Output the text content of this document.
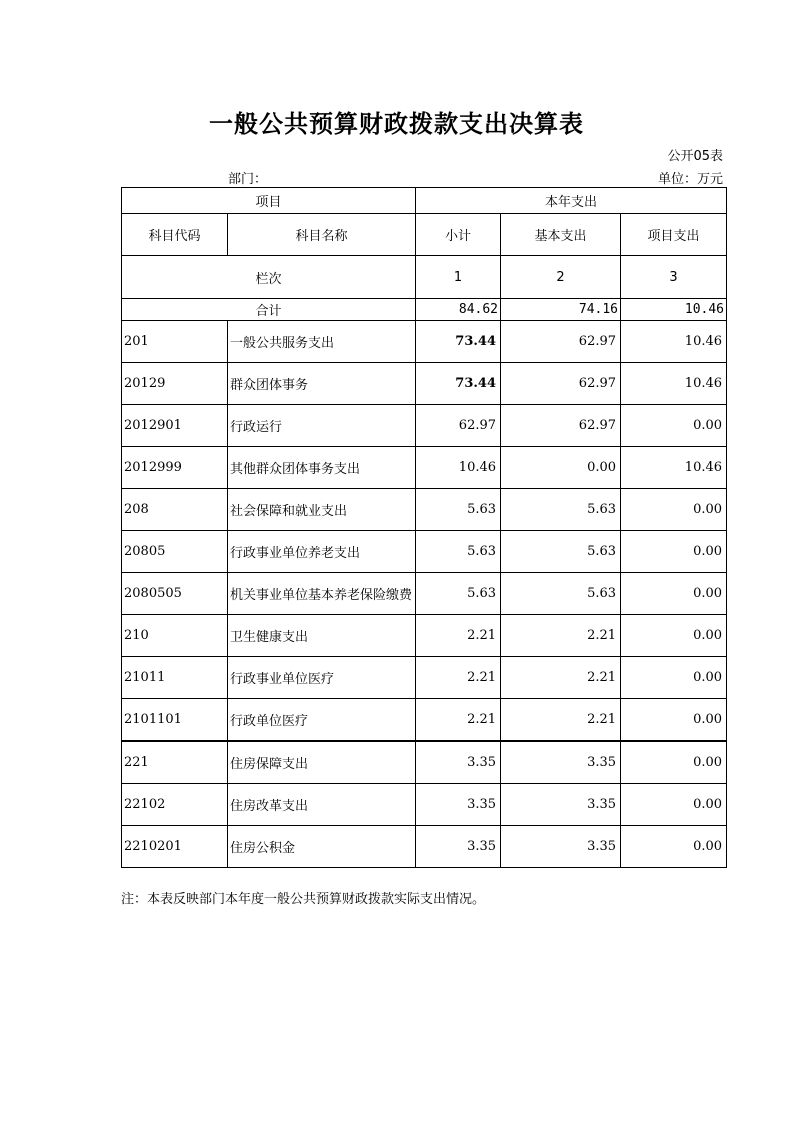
一般公共预算财政拨款支出决算表
公开05表
部门：	单位：万元
项目		本年支出		
科目代码	科目名称	小计	基本支出	项目支出
栏次		1	2	3
合计		84.62	74.16	10.46
201	一般公共服务支出	73.44	62.97	10.46
20129	群众团体事务	73.44	62.97	10.46
2012901	行政运行	62.97	62.97	0.00
2012999	其他群众团体事务支出	10.46	0.00	10.46
208	社会保障和就业支出	5.63	5.63	0.00
20805	行政事业单位养老支出	5.63	5.63	0.00
2080505	机关事业单位基本养老保险缴费	5.63	5.63	0.00
210	卫生健康支出	2.21	2.21	0.00
21011	行政事业单位医疗	2.21	2.21	0.00
2101101	行政单位医疗	2.21	2.21	0.00
221	住房保障支出	3.35	3.35	0.00
22102	住房改革支出	3.35	3.35	0.00
2210201	住房公积金	3.35	3.35	0.00
注：本表反映部门本年度一般公共预算财政拨款实际支出情况。
